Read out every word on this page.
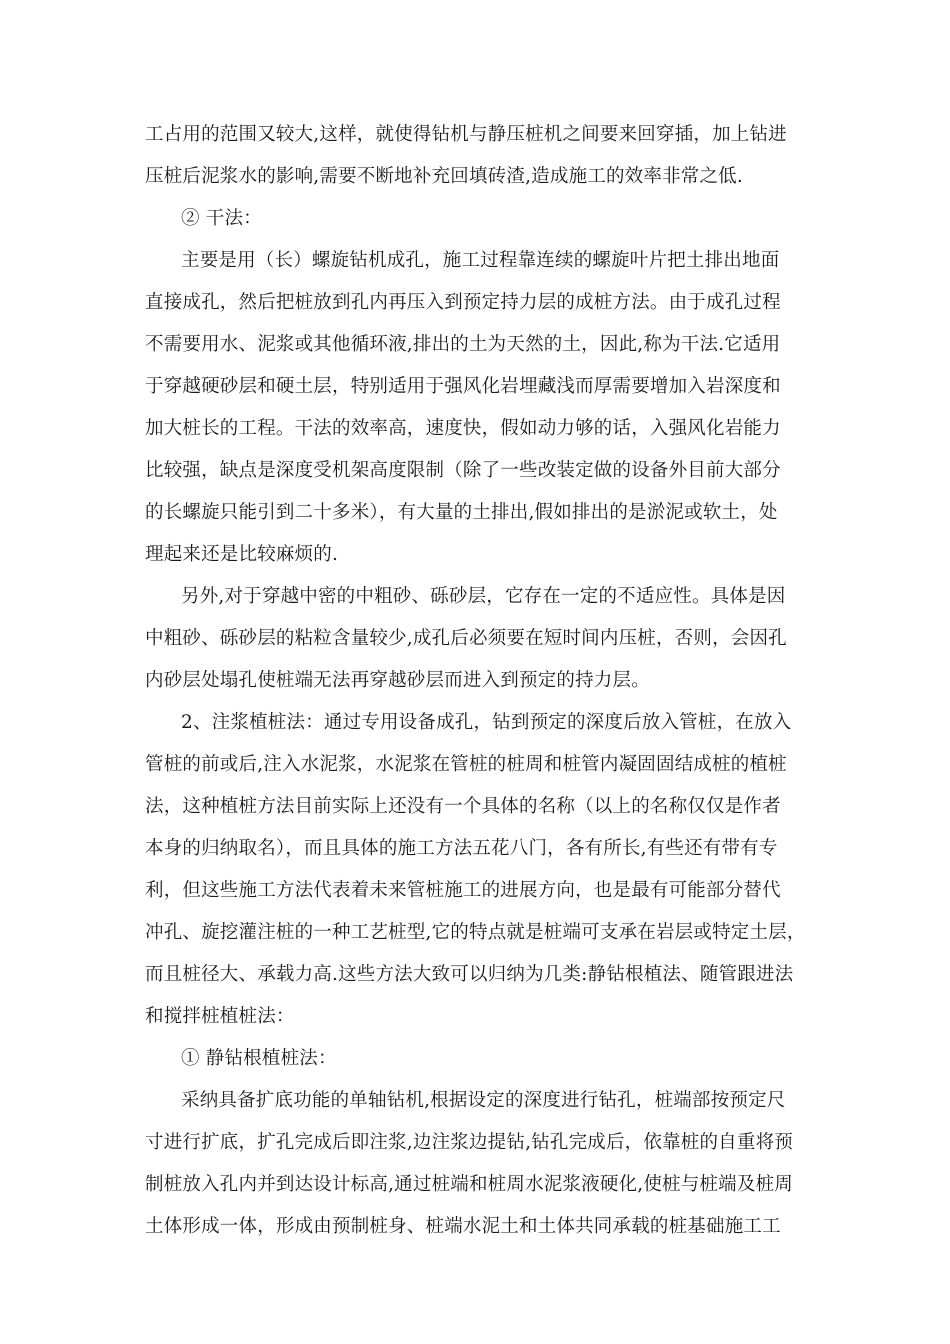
工占用的范围又较大,这样，就使得钻机与静压桩机之间要来回穿插，加上钻进
压桩后泥浆水的影响,需要不断地补充回填砖渣,造成施工的效率非常之低.
② 干法：
主要是用（长）螺旋钻机成孔，施工过程靠连续的螺旋叶片把土排出地面
直接成孔，然后把桩放到孔内再压入到预定持力层的成桩方法。由于成孔过程
不需要用水、泥浆或其他循环液,排出的土为天然的土，因此,称为干法.它适用
于穿越硬砂层和硬土层，特别适用于强风化岩埋藏浅而厚需要增加入岩深度和
加大桩长的工程。干法的效率高，速度快，假如动力够的话，入强风化岩能力
比较强，缺点是深度受机架高度限制（除了一些改装定做的设备外目前大部分
的长螺旋只能引到二十多米），有大量的土排出,假如排出的是淤泥或软土，处
理起来还是比较麻烦的.
另外,对于穿越中密的中粗砂、砾砂层，它存在一定的不适应性。具体是因
中粗砂、砾砂层的粘粒含量较少,成孔后必须要在短时间内压桩，否则，会因孔
内砂层处塌孔使桩端无法再穿越砂层而进入到预定的持力层。
2、注浆植桩法：通过专用设备成孔，钻到预定的深度后放入管桩，在放入
管桩的前或后,注入水泥浆，水泥浆在管桩的桩周和桩管内凝固固结成桩的植桩
法，这种植桩方法目前实际上还没有一个具体的名称（以上的名称仅仅是作者
本身的归纳取名），而且具体的施工方法五花八门，各有所长,有些还有带有专
利，但这些施工方法代表着未来管桩施工的进展方向，也是最有可能部分替代
冲孔、旋挖灌注桩的一种工艺桩型,它的特点就是桩端可支承在岩层或特定土层，
而且桩径大、承载力高.这些方法大致可以归纳为几类:静钻根植法、随管跟进法
和搅拌桩植桩法：
① 静钻根植桩法：
采纳具备扩底功能的单轴钻机,根据设定的深度进行钻孔，桩端部按预定尺
寸进行扩底，扩孔完成后即注浆,边注浆边提钻,钻孔完成后，依靠桩的自重将预
制桩放入孔内并到达设计标高,通过桩端和桩周水泥浆液硬化,使桩与桩端及桩周
土体形成一体，形成由预制桩身、桩端水泥土和土体共同承载的桩基础施工工
